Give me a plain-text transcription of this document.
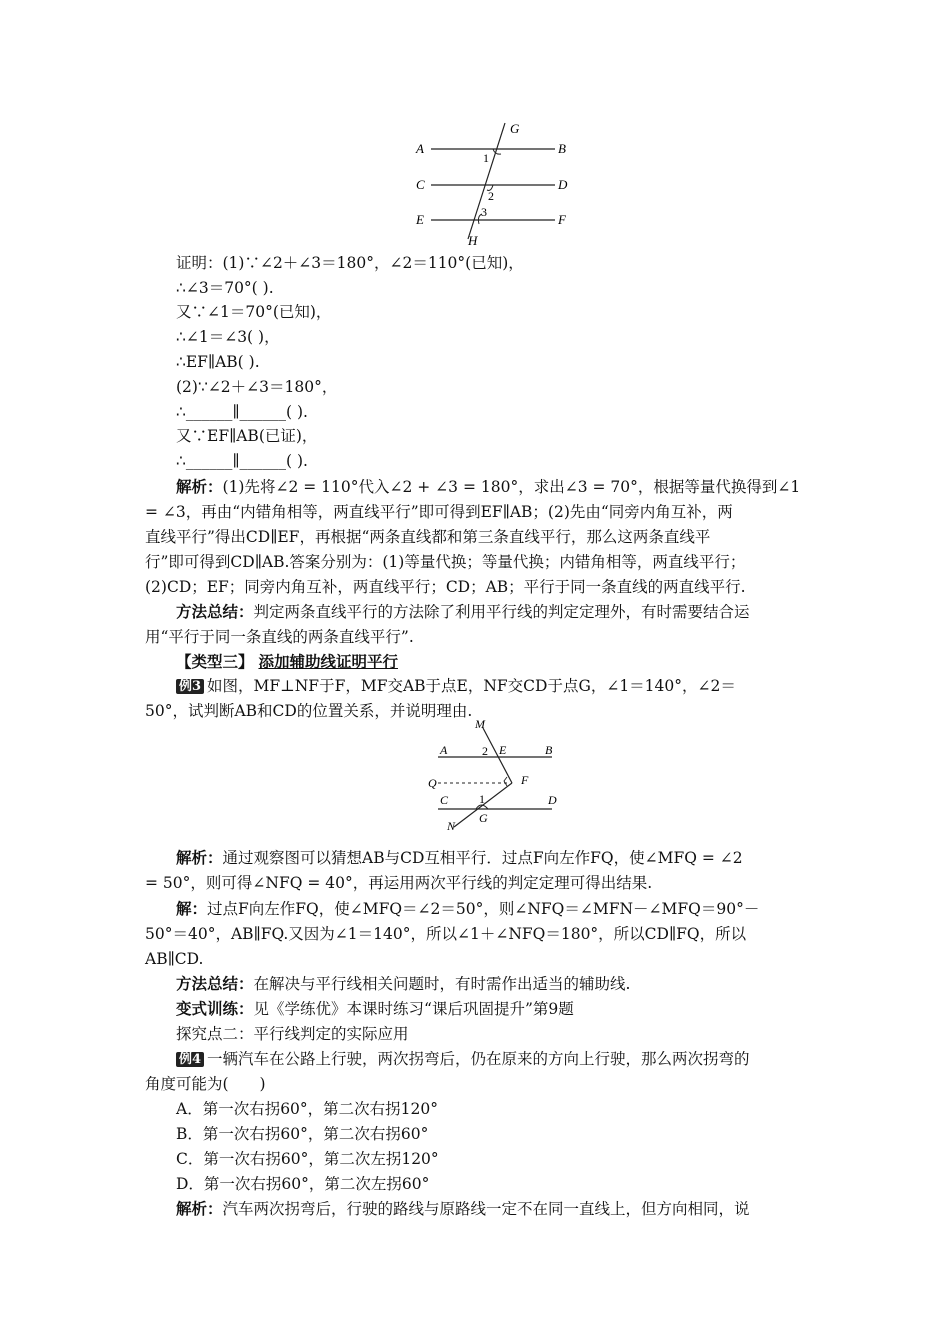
G
A
1
B
C	D
2
E	3	F
H
证明：(1)∵∠2＋∠3＝180°，∠2＝110°(已知)，
∴∠3＝70°( ).
又∵∠1＝70°(已知)，
∴∠1＝∠3( )，
∴EF∥AB( ).
(2)∵∠2＋∠3＝180°，
∴______∥______( ).
又∵EF∥AB(已证)，
∴______∥______( ).
解析：(1)先将∠2 = 110°代入∠2 + ∠3 = 180°，求出∠3 = 70°，根据等量代换得到∠1
= ∠3，再由“内错角相等，两直线平行”即可得到EF∥AB；(2)先由“同旁内角互补，两
直线平行”得出CD∥EF，再根据“两条直线都和第三条直线平行，那么这两条直线平
行”即可得到CD∥AB.答案分别为：(1)等量代换；等量代换；内错角相等，两直线平行；
(2)CD；EF；同旁内角互补，两直线平行；CD；AB；平行于同一条直线的两直线平行.
方法总结：判定两条直线平行的方法除了利用平行线的判定定理外，有时需要结合运
用“平行于同一条直线的两条直线平行”.
【类型三】 添加辅助线证明平行
例3 如图，MF⊥NF于F，MF交AB于点E，NF交CD于点G，∠1＝140°，∠2＝
50°，试判断AB和CD的位置关系，并说明理由.
M
A	2 E	B
Q	F
C	1	D
N
G
解析：通过观察图可以猜想AB与CD互相平行．过点F向左作FQ，使∠MFQ = ∠2
= 50°，则可得∠NFQ = 40°，再运用两次平行线的判定定理可得出结果.
解：过点F向左作FQ，使∠MFQ＝∠2＝50°，则∠NFQ＝∠MFN－∠MFQ＝90°－
50°＝40°，AB∥FQ.又因为∠1＝140°，所以∠1＋∠NFQ＝180°，所以CD∥FQ，所以
AB∥CD.
方法总结：在解决与平行线相关问题时，有时需作出适当的辅助线.
变式训练：见《学练优》本课时练习“课后巩固提升”第9题
探究点二：平行线判定的实际应用
例4 一辆汽车在公路上行驶，两次拐弯后，仍在原来的方向上行驶，那么两次拐弯的
角度可能为(　　)
A．第一次右拐60°，第二次右拐120°
B．第一次右拐60°，第二次右拐60°
C．第一次右拐60°，第二次左拐120°
D．第一次右拐60°，第二次左拐60°
解析：汽车两次拐弯后，行驶的路线与原路线一定不在同一直线上，但方向相同，说
